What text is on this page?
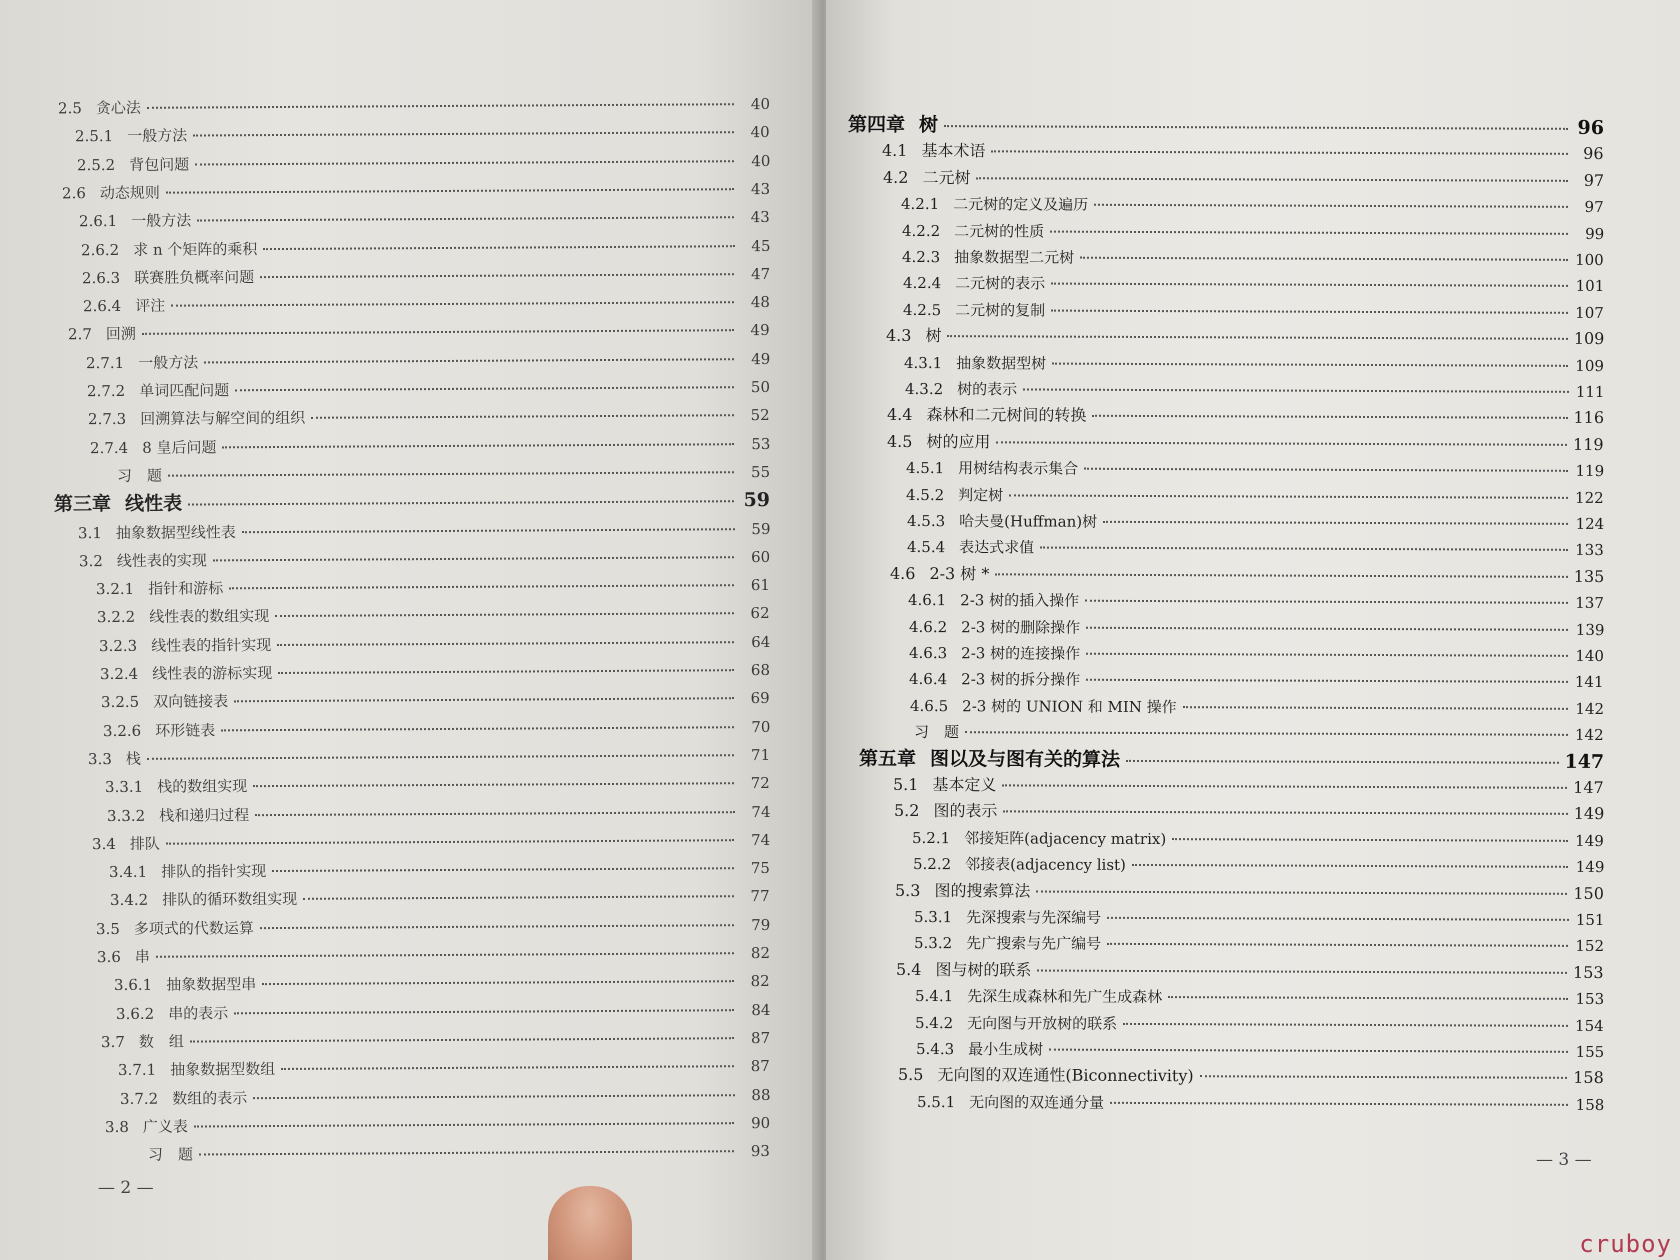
2.5 贪心法	40
2.5.1 一般方法	40
2.5.2 背包问题	40
2.6 动态规则	43
2.6.1 一般方法	43
2.6.2 求 n 个矩阵的乘积	45
2.6.3 联赛胜负概率问题	47
2.6.4 评注	48
2.7 回溯	49
2.7.1 一般方法	49
2.7.2 单词匹配问题	50
2.7.3 回溯算法与解空间的组织	52
2.7.4 8 皇后问题	53
习　题	55
第三章 线性表	59
3.1 抽象数据型线性表	59
3.2 线性表的实现	60
3.2.1 指针和游标	61
3.2.2 线性表的数组实现	62
3.2.3 线性表的指针实现	64
3.2.4 线性表的游标实现	68
3.2.5 双向链接表	69
3.2.6 环形链表	70
3.3 栈	71
3.3.1 栈的数组实现	72
3.3.2 栈和递归过程	74
3.4 排队	74
3.4.1 排队的指针实现	75
3.4.2 排队的循环数组实现	77
3.5 多项式的代数运算	79
3.6 串	82
3.6.1 抽象数据型串	82
3.6.2 串的表示	84
3.7 数　组	87
3.7.1 抽象数据型数组	87
3.7.2 数组的表示	88
3.8 广义表	90
习　题	93
— 2 —
第四章 树	96
4.1 基本术语	96
4.2 二元树	97
4.2.1 二元树的定义及遍历	97
4.2.2 二元树的性质	99
4.2.3 抽象数据型二元树	100
4.2.4 二元树的表示	101
4.2.5 二元树的复制	107
4.3 树	109
4.3.1 抽象数据型树	109
4.3.2 树的表示	111
4.4 森林和二元树间的转换	116
4.5 树的应用	119
4.5.1 用树结构表示集合	119
4.5.2 判定树	122
4.5.3 哈夫曼(Huffman)树	124
4.5.4 表达式求值	133
4.6 2-3 树 *	135
4.6.1 2-3 树的插入操作	137
4.6.2 2-3 树的删除操作	139
4.6.3 2-3 树的连接操作	140
4.6.4 2-3 树的拆分操作	141
4.6.5 2-3 树的 UNION 和 MIN 操作	142
习　题	142
第五章 图以及与图有关的算法	147
5.1 基本定义	147
5.2 图的表示	149
5.2.1 邻接矩阵(adjacency matrix)	149
5.2.2 邻接表(adjacency list)	149
5.3 图的搜索算法	150
5.3.1 先深搜索与先深编号	151
5.3.2 先广搜索与先广编号	152
5.4 图与树的联系	153
5.4.1 先深生成森林和先广生成森林	153
5.4.2 无向图与开放树的联系	154
5.4.3 最小生成树	155
5.5 无向图的双连通性(Biconnectivity)	158
5.5.1 无向图的双连通分量	158
— 3 —
cruboy
